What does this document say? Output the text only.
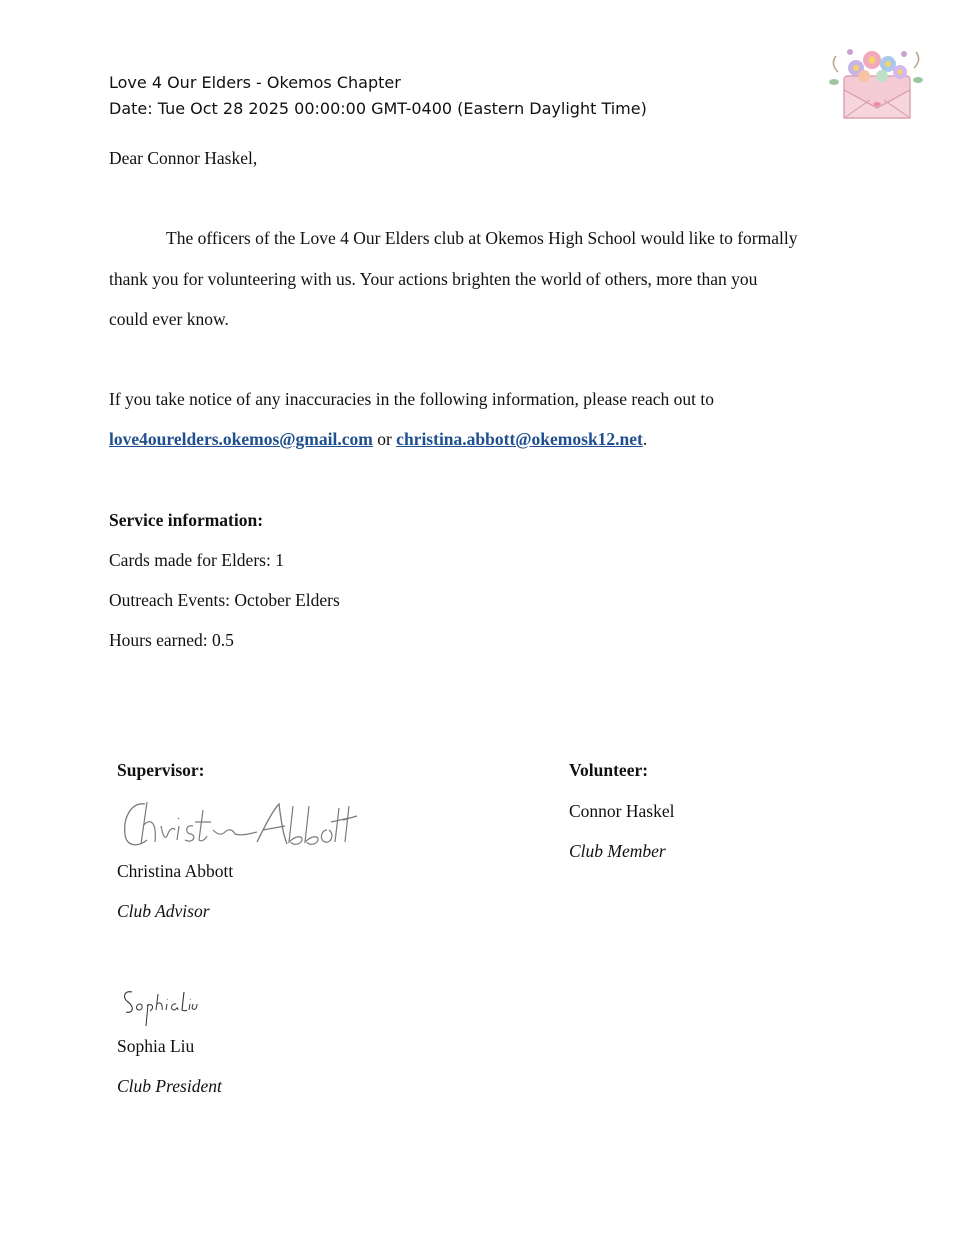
Love 4 Our Elders - Okemos Chapter
Date: Tue Oct 28 2025 00:00:00 GMT-0400 (Eastern Daylight Time)
Dear Connor Haskel,
The officers of the Love 4 Our Elders club at Okemos High School would like to formally
thank you for volunteering with us. Your actions brighten the world of others, more than you
could ever know.
If you take notice of any inaccuracies in the following information, please reach out to
love4ourelders.okemos@gmail.com or christina.abbott@okemosk12.net.
Service information:
Cards made for Elders: 1
Outreach Events: October Elders
Hours earned: 0.5
Supervisor:
Christina Abbott
Club Advisor
Sophia Liu
Club President
Volunteer:
Connor Haskel
Club Member
